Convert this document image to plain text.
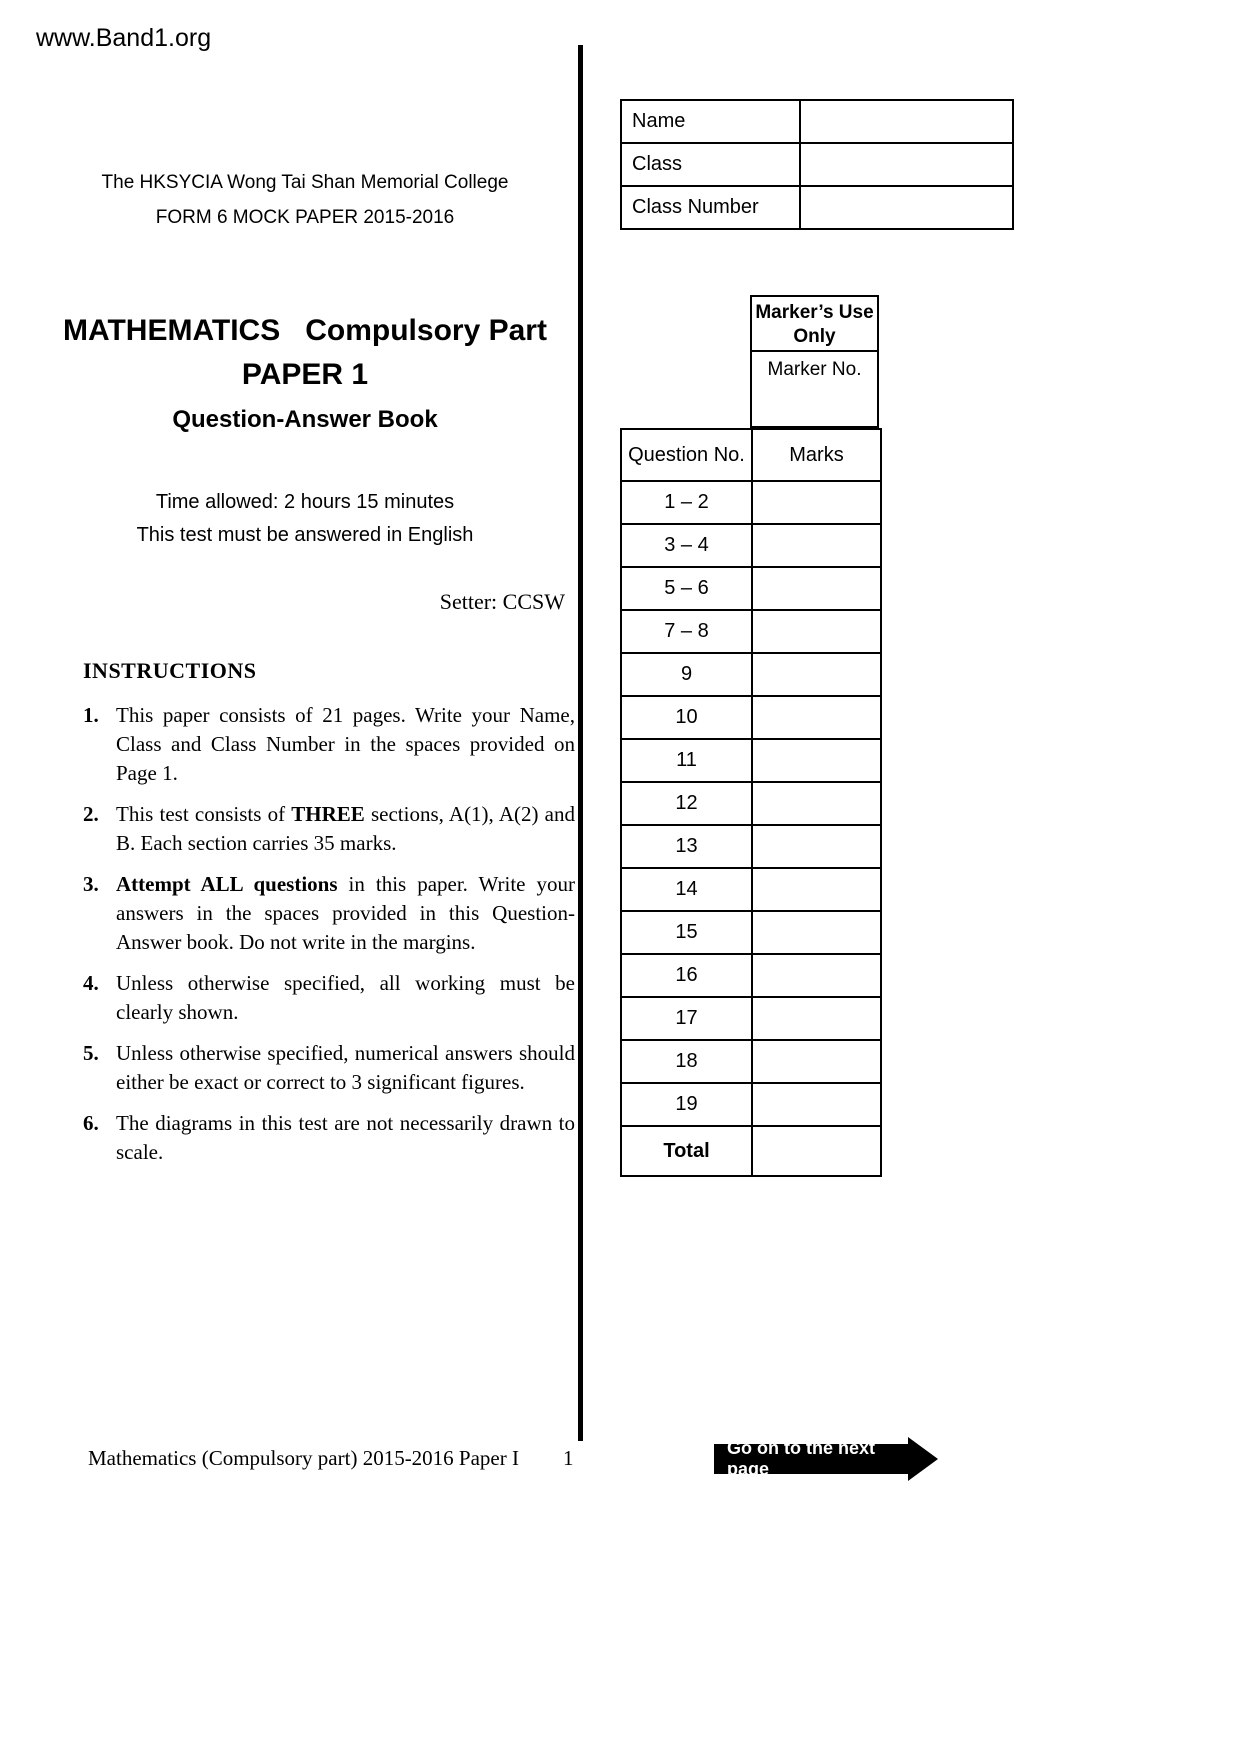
www.Band1.org
Name	
Class	
Class Number	
The HKSYCIA Wong Tai Shan Memorial College
FORM 6 MOCK PAPER 2015-2016
MATHEMATICS   Compulsory Part
PAPER 1
Question-Answer Book
Time allowed: 2 hours 15 minutes
This test must be answered in English
Setter: CCSW
INSTRUCTIONS
1. This paper consists of 21 pages. Write your Name, Class and Class Number in the spaces provided on Page 1.
2. This test consists of THREE sections, A(1), A(2) and B. Each section carries 35 marks.
3. Attempt ALL questions in this paper. Write your answers in the spaces provided in this Question-Answer book. Do not write in the margins.
4. Unless otherwise specified, all working must be clearly shown.
5. Unless otherwise specified, numerical answers should either be exact or correct to 3 significant figures.
6. The diagrams in this test are not necessarily drawn to scale.
Marker’s Use Only
Marker No.
Question No.	Marks
1 – 2	
3 – 4	
5 – 6	
7 – 8	
9	
10	
11	
12	
13	
14	
15	
16	
17	
18	
19	
Total	
Mathematics (Compulsory part) 2015-2016 Paper I 1	Go on to the next page
